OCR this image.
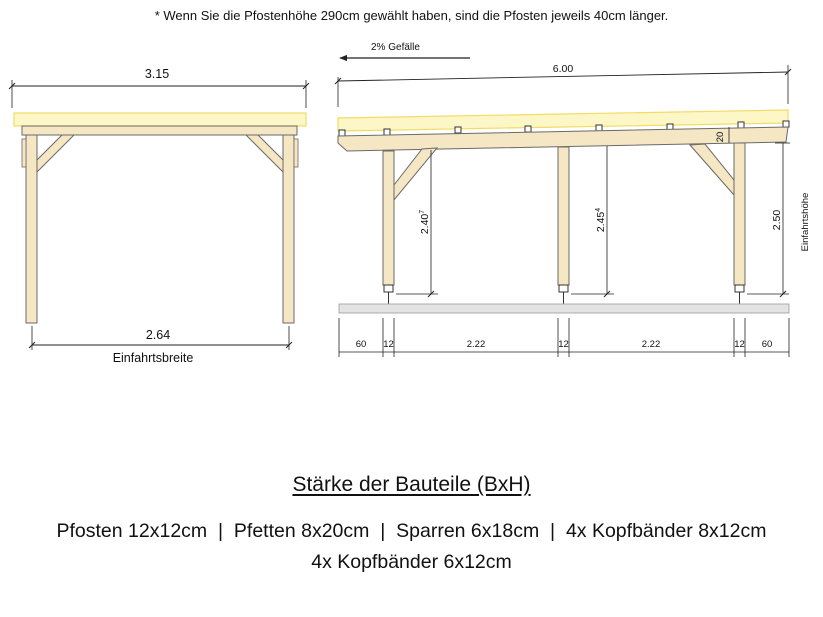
* Wenn Sie die Pfostenhöhe 290cm gewählt haben, sind die Pfosten jeweils 40cm länger.
3.15
2.64
Einfahrtsbreite
2% Gefälle
6.00
2.40$^7$	2.45$^4$	2.50 Einfahrtshöhe
20
60 12	2.22	12	2.22	12 60
Stärke der Bauteile (BxH)
Pfosten 12x12cm  |  Pfetten 8x20cm  |  Sparren 6x18cm  |  4x Kopfbänder 8x12cm
4x Kopfbänder 6x12cm
